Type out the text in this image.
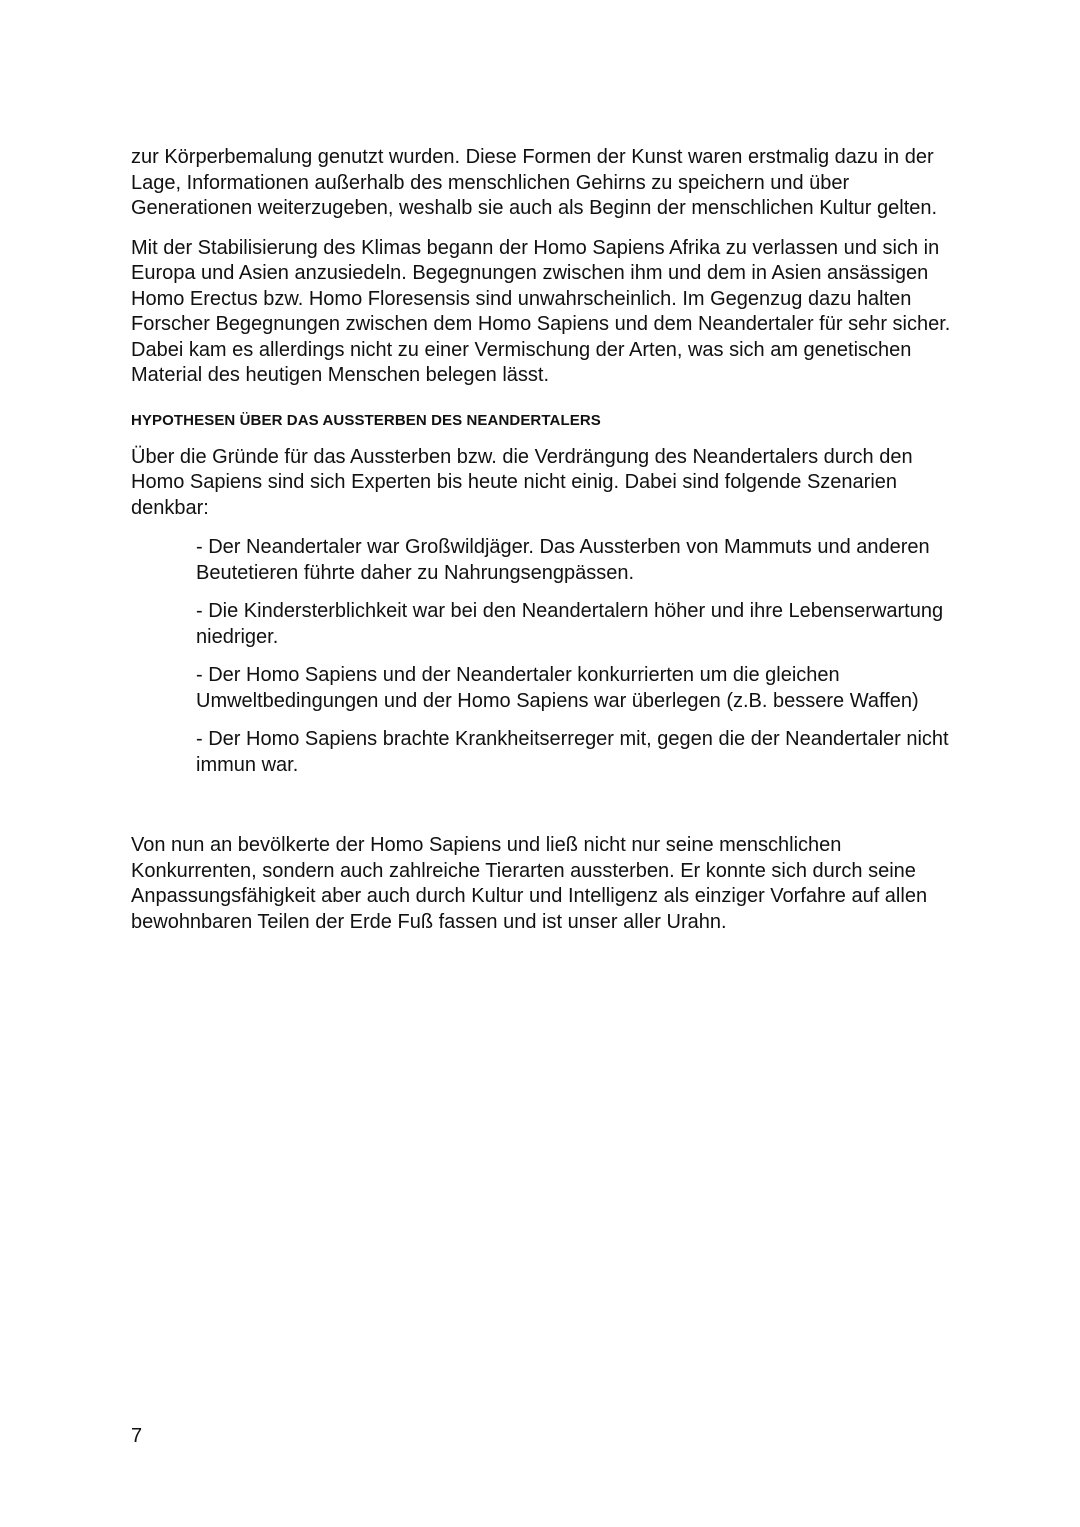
zur Körperbemalung genutzt wurden. Diese Formen der Kunst waren erstmalig dazu in der Lage, Informationen außerhalb des menschlichen Gehirns zu speichern und über Generationen weiterzugeben, weshalb sie auch als Beginn der menschlichen Kultur gelten.

Mit der Stabilisierung des Klimas begann der Homo Sapiens Afrika zu verlassen und sich in Europa und Asien anzusiedeln. Begegnungen zwischen ihm und dem in Asien ansässigen Homo Erectus bzw. Homo Floresensis sind unwahrscheinlich. Im Gegenzug dazu halten Forscher Begegnungen zwischen dem Homo Sapiens und dem Neandertaler für sehr sicher. Dabei kam es allerdings nicht zu einer Vermischung der Arten, was sich am genetischen Material des heutigen Menschen belegen lässt.

HYPOTHESEN ÜBER DAS AUSSTERBEN DES NEANDERTALERS

Über die Gründe für das Aussterben bzw. die Verdrängung des Neandertalers durch den Homo Sapiens sind sich Experten bis heute nicht einig. Dabei sind folgende Szenarien denkbar:

- Der Neandertaler war Großwildjäger. Das Aussterben von Mammuts und anderen Beutetieren führte daher zu Nahrungsengpässen.
- Die Kindersterblichkeit war bei den Neandertalern höher und ihre Lebenserwartung niedriger.
- Der Homo Sapiens und der Neandertaler konkurrierten um die gleichen Umweltbedingungen und der Homo Sapiens war überlegen (z.B. bessere Waffen)
- Der Homo Sapiens brachte Krankheitserreger mit, gegen die der Neandertaler nicht immun war.

Von nun an bevölkerte der Homo Sapiens und ließ nicht nur seine menschlichen Konkurrenten, sondern auch zahlreiche Tierarten aussterben. Er konnte sich durch seine Anpassungsfähigkeit aber auch durch Kultur und Intelligenz als einziger Vorfahre auf allen bewohnbaren Teilen der Erde Fuß fassen und ist unser aller Urahn.

7
